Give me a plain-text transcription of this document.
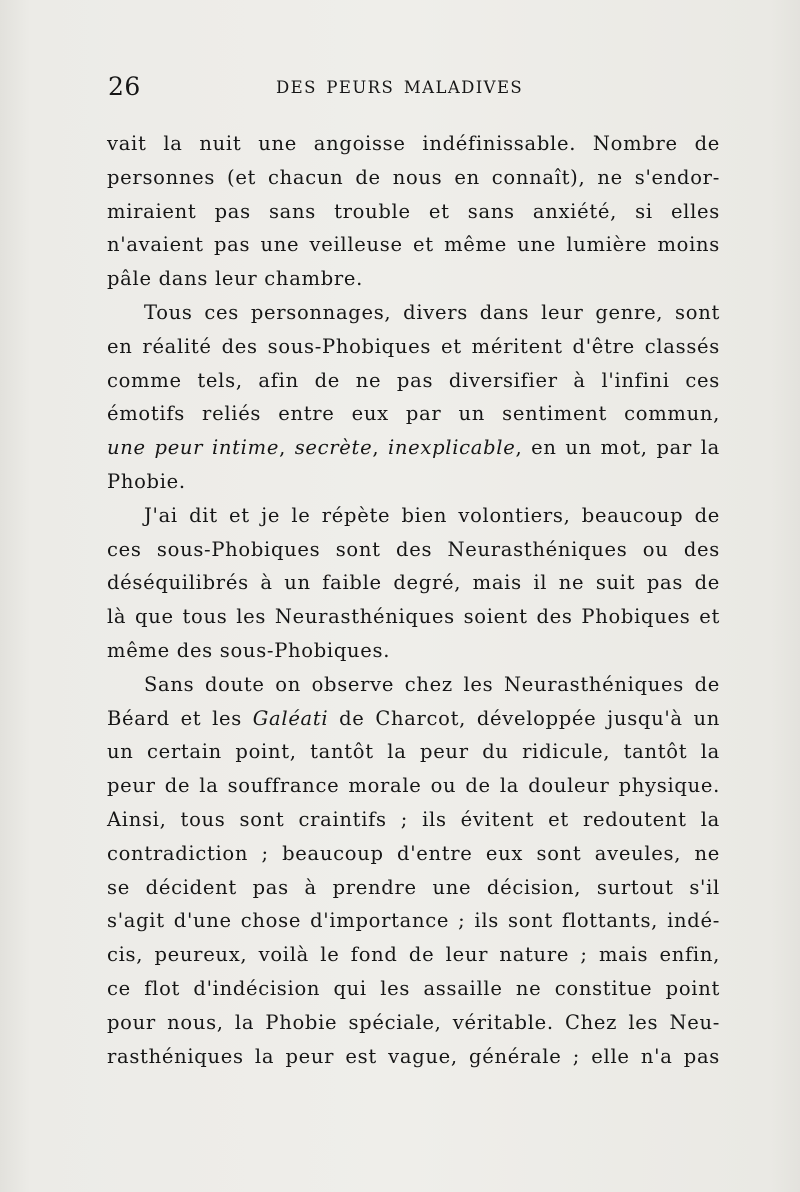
26	DES PEURS MALADIVES
vait la nuit une angoisse indéfinissable. Nombre de
personnes (et chacun de nous en connaît), ne s'endor-
miraient pas sans trouble et sans anxiété, si elles
n'avaient pas une veilleuse et même une lumière moins
pâle dans leur chambre.
Tous ces personnages, divers dans leur genre, sont
en réalité des sous-Phobiques et méritent d'être classés
comme tels, afin de ne pas diversifier à l'infini ces
émotifs reliés entre eux par un sentiment commun,
une peur intime, secrète, inexplicable, en un mot, par la
Phobie.
J'ai dit et je le répète bien volontiers, beaucoup de
ces sous-Phobiques sont des Neurasthéniques ou des
déséquilibrés à un faible degré, mais il ne suit pas de
là que tous les Neurasthéniques soient des Phobiques et
même des sous-Phobiques.
Sans doute on observe chez les Neurasthéniques de
Béard et les Galéati de Charcot, développée jusqu'à un
un certain point, tantôt la peur du ridicule, tantôt la
peur de la souffrance morale ou de la douleur physique.
Ainsi, tous sont craintifs ; ils évitent et redoutent la
contradiction ; beaucoup d'entre eux sont aveules, ne
se décident pas à prendre une décision, surtout s'il
s'agit d'une chose d'importance ; ils sont flottants, indé-
cis, peureux, voilà le fond de leur nature ; mais enfin,
ce flot d'indécision qui les assaille ne constitue point
pour nous, la Phobie spéciale, véritable. Chez les Neu-
rasthéniques la peur est vague, générale ; elle n'a pas
